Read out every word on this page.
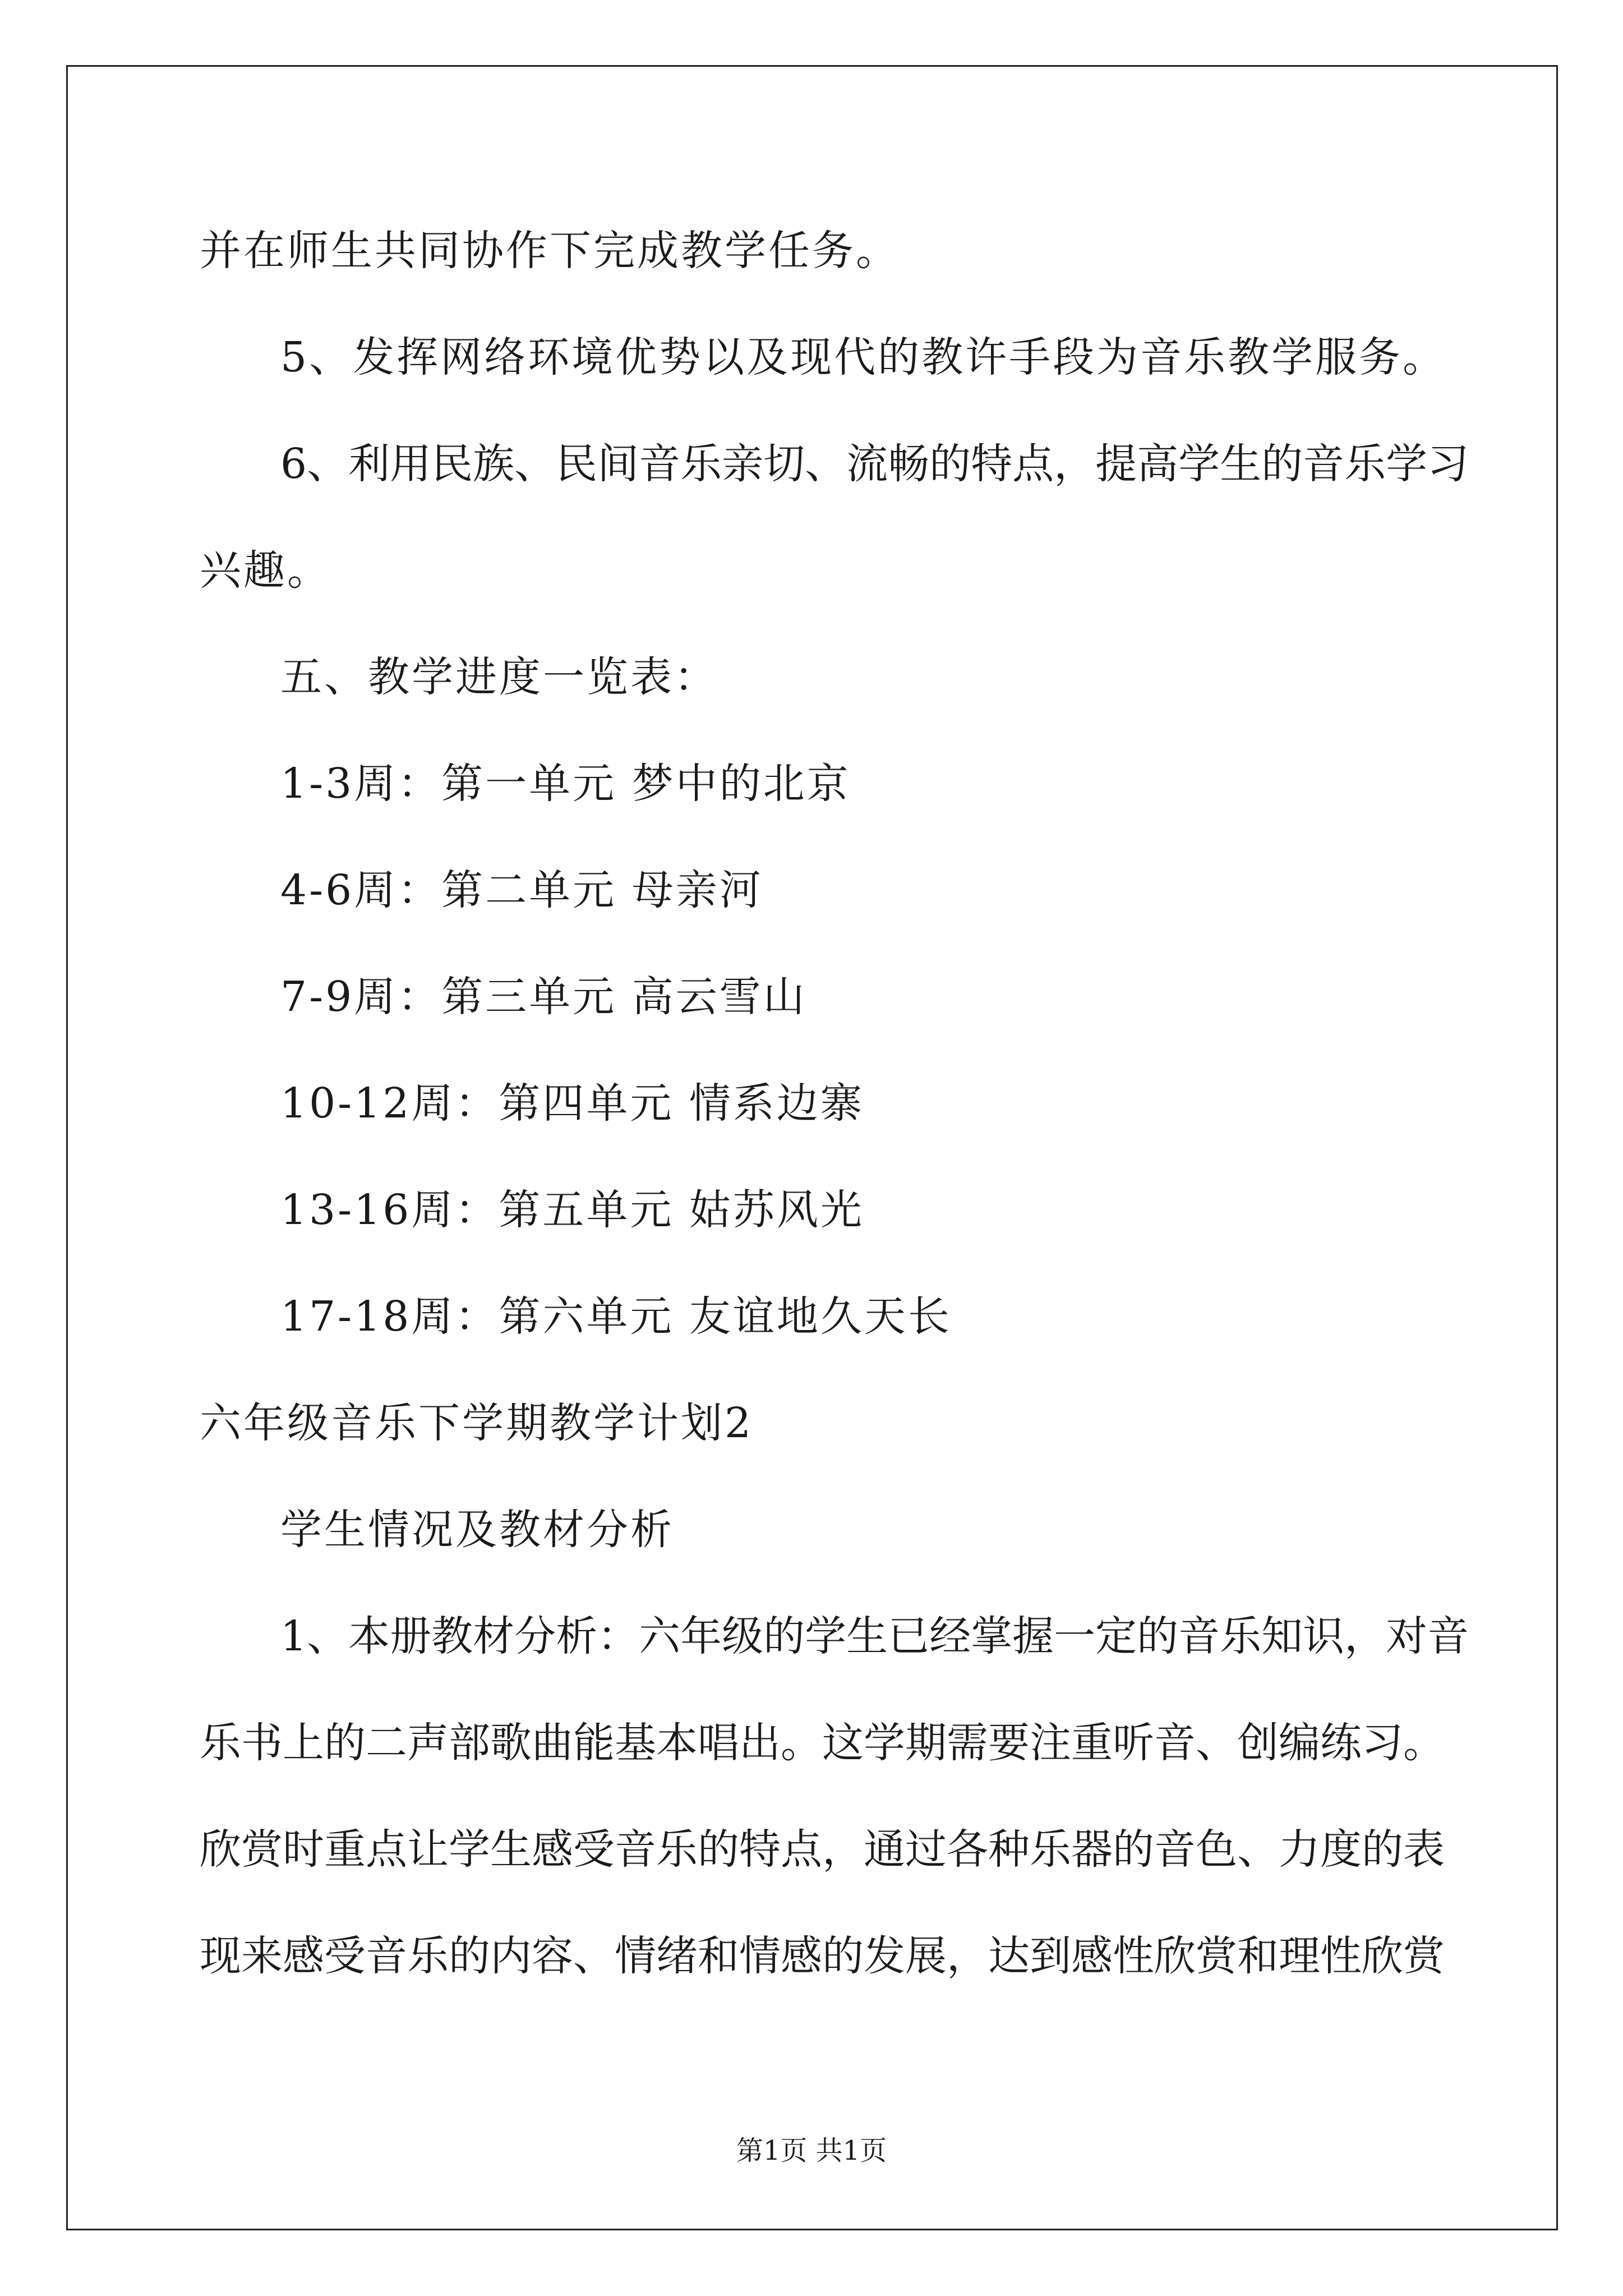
并在师生共同协作下完成教学任务。

5、发挥网络环境优势以及现代的教许手段为音乐教学服务。

6、利用民族、民间音乐亲切、流畅的特点，提高学生的音乐学习

兴趣。

五、教学进度一览表：

1-3周：第一单元 梦中的北京

4-6周：第二单元 母亲河

7-9周：第三单元 高云雪山

10-12周：第四单元 情系边寨

13-16周：第五单元 姑苏风光

17-18周：第六单元 友谊地久天长

六年级音乐下学期教学计划2

学生情况及教材分析

1、本册教材分析：六年级的学生已经掌握一定的音乐知识，对音

乐书上的二声部歌曲能基本唱出。这学期需要注重听音、创编练习。

欣赏时重点让学生感受音乐的特点，通过各种乐器的音色、力度的表

现来感受音乐的内容、情绪和情感的发展，达到感性欣赏和理性欣赏

第1页 共1页
